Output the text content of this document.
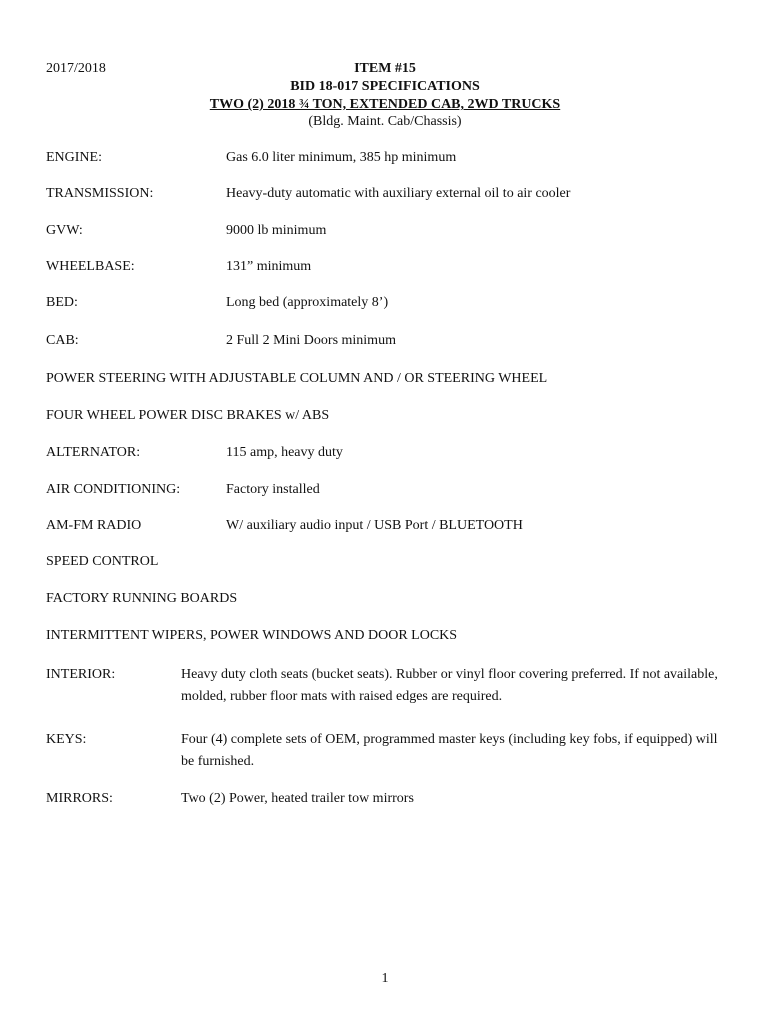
2017/2018	ITEM #15
BID 18-017 SPECIFICATIONS
TWO (2) 2018 ¾ TON, EXTENDED CAB, 2WD TRUCKS
(Bldg. Maint. Cab/Chassis)
ENGINE:	Gas 6.0 liter minimum, 385 hp minimum
TRANSMISSION:	Heavy-duty automatic with auxiliary external oil to air cooler
GVW:	9000 lb minimum
WHEELBASE:	131” minimum
BED:	Long bed (approximately 8’)
CAB:	2 Full 2 Mini Doors minimum
POWER STEERING WITH ADJUSTABLE COLUMN AND / OR STEERING WHEEL
FOUR WHEEL POWER DISC BRAKES w/ ABS
ALTERNATOR:	115 amp, heavy duty
AIR CONDITIONING:	Factory installed
AM-FM RADIO	W/ auxiliary audio input / USB Port / BLUETOOTH
SPEED CONTROL
FACTORY RUNNING BOARDS
INTERMITTENT WIPERS, POWER WINDOWS AND DOOR LOCKS
INTERIOR:	Heavy duty cloth seats (bucket seats). Rubber or vinyl floor covering preferred. If not available, molded, rubber floor mats with raised edges are required.
KEYS:	Four (4) complete sets of OEM, programmed master keys (including key fobs, if equipped) will be furnished.
MIRRORS:	Two (2) Power, heated trailer tow mirrors
1
